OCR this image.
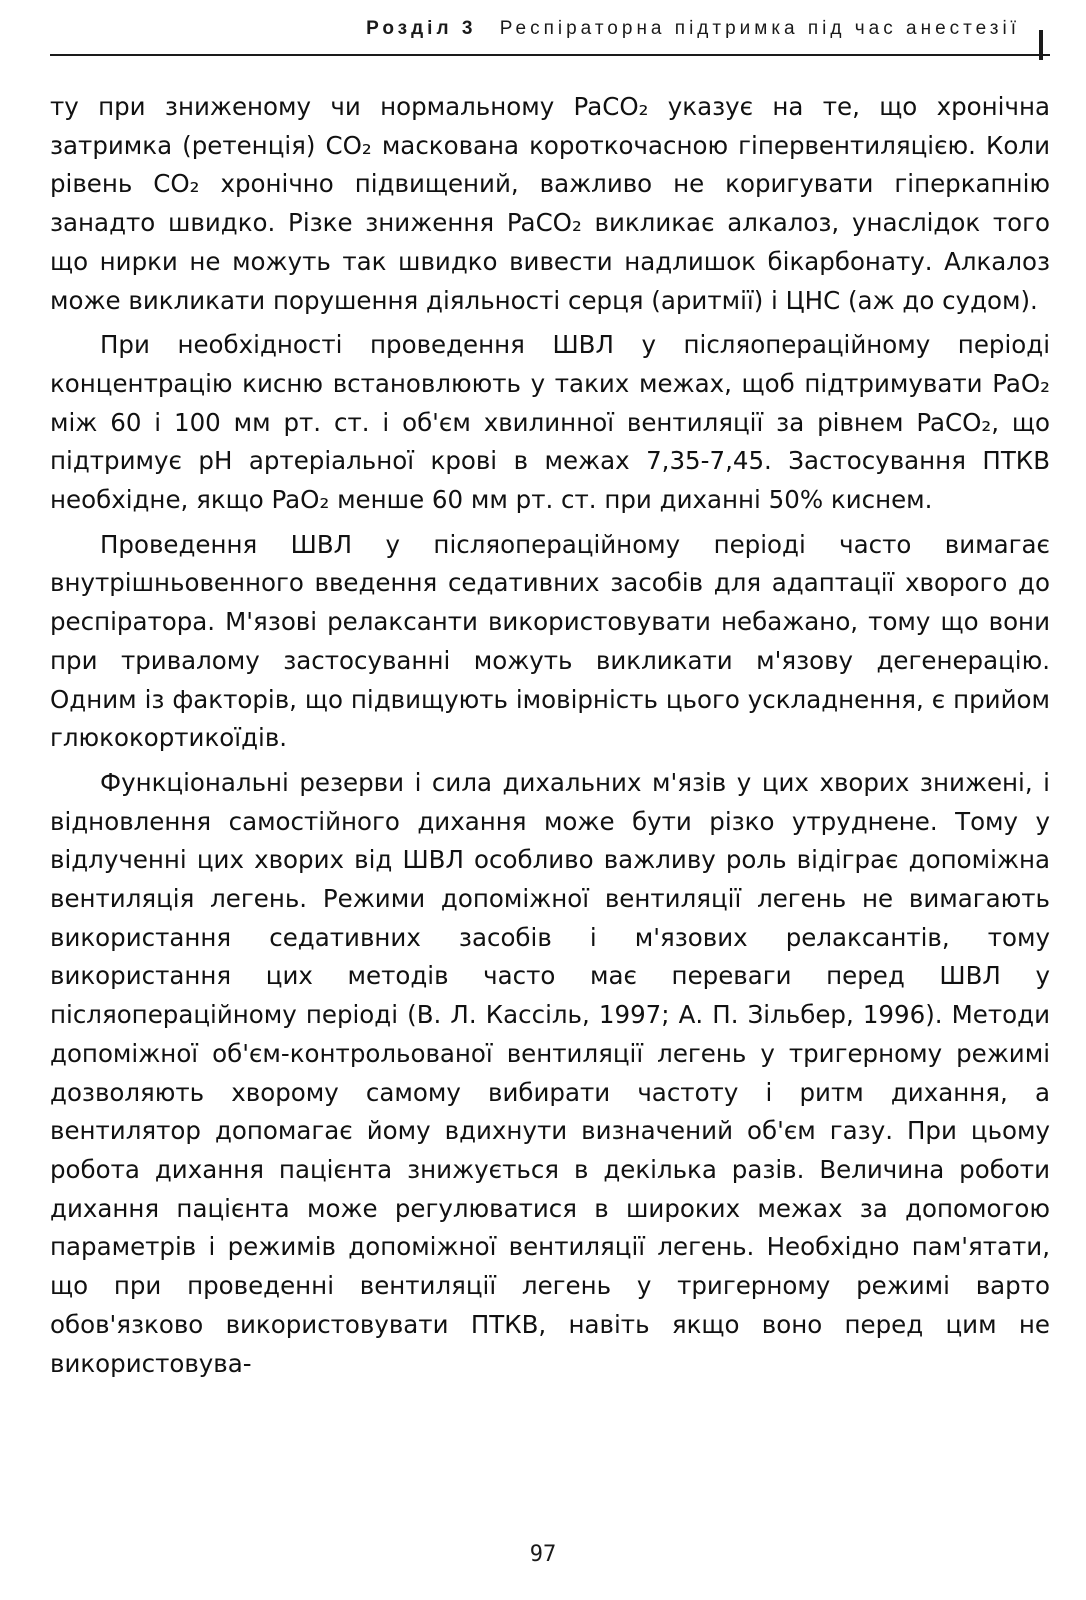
Розділ 3 Респіраторна підтримка під час анестезії

ту при зниженому чи нормальному PaCO₂ указує на те, що хронічна затримка (ретенція) CO₂ маскована короткочасною гіпервентиляцією. Коли рівень CO₂ хронічно підвищений, важливо не коригувати гіперкапнію занадто швидко. Різке зниження PaCO₂ викликає алкалоз, унаслідок того що нирки не можуть так швидко вивести надлишок бікарбонату. Алкалоз може викликати порушення діяльності серця (аритмії) і ЦНС (аж до судом).

При необхідності проведення ШВЛ у післяопераційному періоді концентрацію кисню встановлюють у таких межах, щоб підтримувати PaO₂ між 60 і 100 мм рт. ст. і об'єм хвилинної вентиляції за рівнем PaCO₂, що підтримує pH артеріальної крові в межах 7,35-7,45. Застосування ПТКВ необхідне, якщо PaO₂ менше 60 мм рт. ст. при диханні 50% киснем.

Проведення ШВЛ у післяопераційному періоді часто вимагає внутрішньовенного введення седативних засобів для адаптації хворого до респіратора. М'язові релаксанти використовувати небажано, тому що вони при тривалому застосуванні можуть викликати м'язову дегенерацію. Одним із факторів, що підвищують імовірність цього ускладнення, є прийом глюкокортикоїдів.

Функціональні резерви і сила дихальних м'язів у цих хворих знижені, і відновлення самостійного дихання може бути різко утруднене. Тому у відлученні цих хворих від ШВЛ особливо важливу роль відіграє допоміжна вентиляція легень. Режими допоміжної вентиляції легень не вимагають використання седативних засобів і м'язових релаксантів, тому використання цих методів часто має переваги перед ШВЛ у післяопераційному періоді (В. Л. Кассіль, 1997; А. П. Зільбер, 1996). Методи допоміжної об'єм-контрольованої вентиляції легень у тригерному режимі дозволяють хворому самому вибирати частоту і ритм дихання, а вентилятор допомагає йому вдихнути визначений об'єм газу. При цьому робота дихання пацієнта знижується в декілька разів. Величина роботи дихання пацієнта може регулюватися в широких межах за допомогою параметрів і режимів допоміжної вентиляції легень. Необхідно пам'ятати, що при проведенні вентиляції легень у тригерному режимі варто обов'язково використовувати ПТКВ, навіть якщо воно перед цим не використовува-

97
